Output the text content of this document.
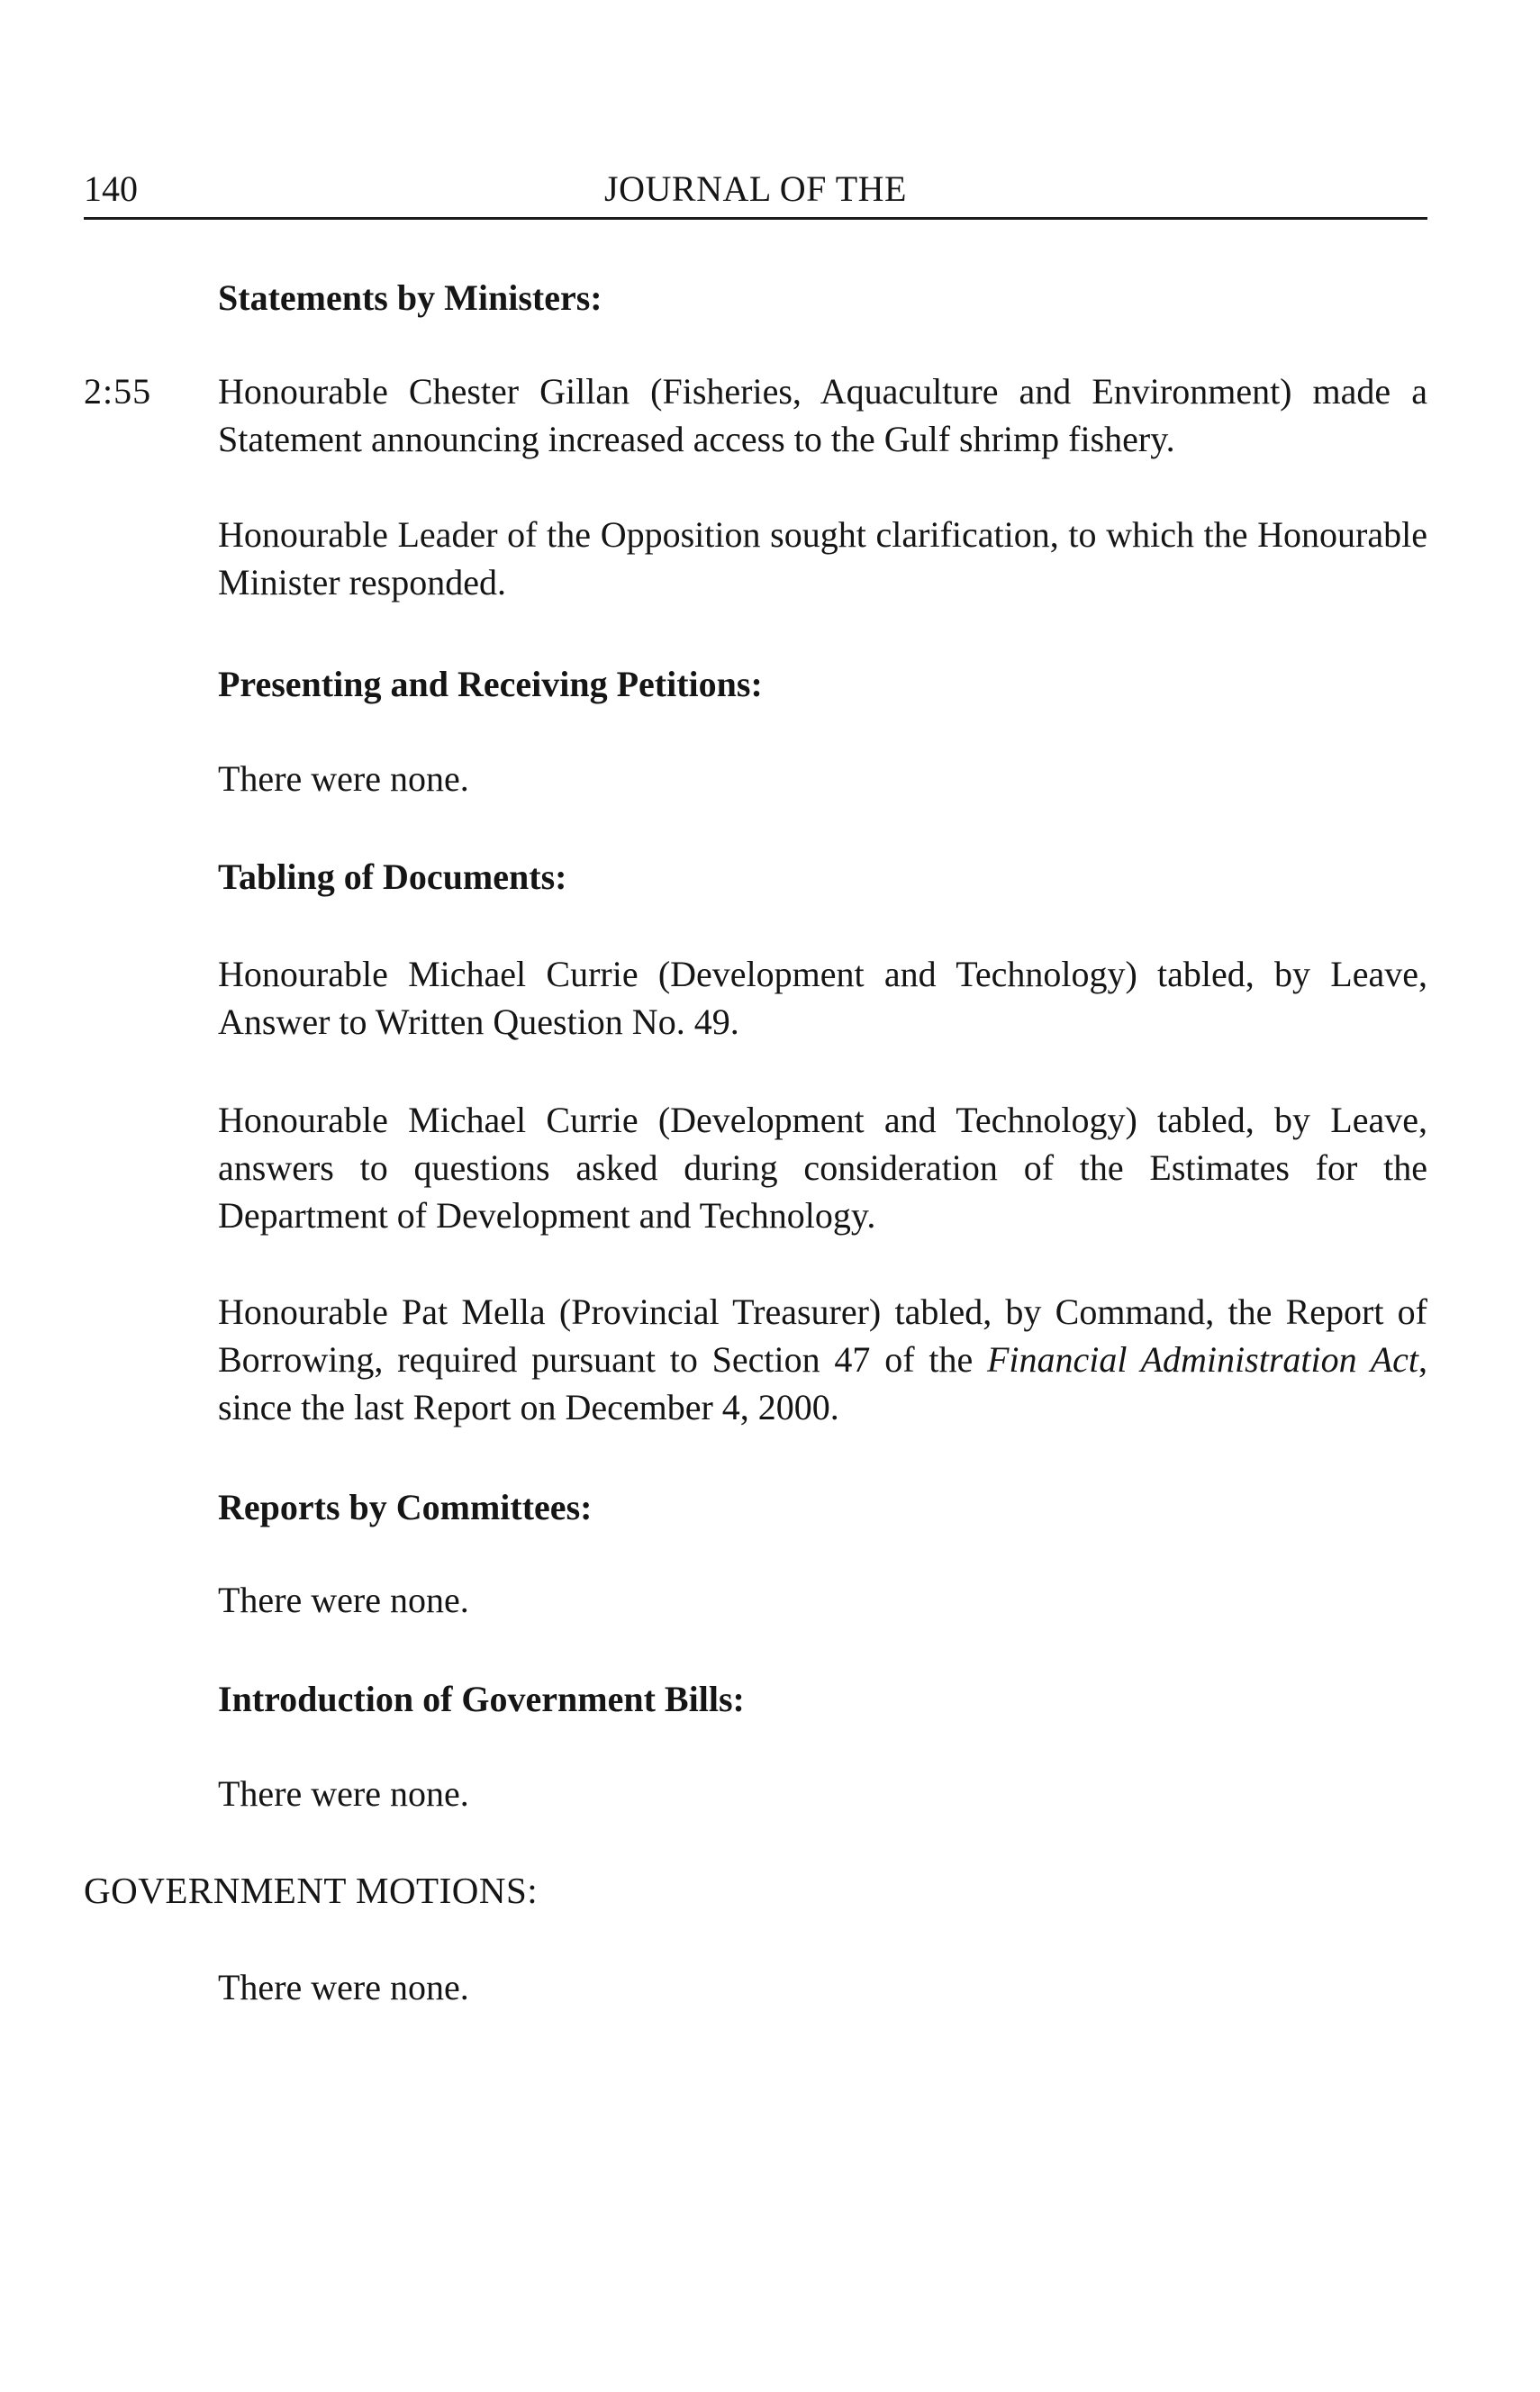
140	JOURNAL OF THE

Statements by Ministers:

2:55 Honourable Chester Gillan (Fisheries, Aquaculture and Environment) made a Statement announcing increased access to the Gulf shrimp fishery.

Honourable Leader of the Opposition sought clarification, to which the Honourable Minister responded.

Presenting and Receiving Petitions:

There were none.

Tabling of Documents:

Honourable Michael Currie (Development and Technology) tabled, by Leave, Answer to Written Question No. 49.

Honourable Michael Currie (Development and Technology) tabled, by Leave, answers to questions asked during consideration of the Estimates for the Department of Development and Technology.

Honourable Pat Mella (Provincial Treasurer) tabled, by Command, the Report of Borrowing, required pursuant to Section 47 of the Financial Administration Act, since the last Report on December 4, 2000.

Reports by Committees:

There were none.

Introduction of Government Bills:

There were none.

GOVERNMENT MOTIONS:

There were none.
